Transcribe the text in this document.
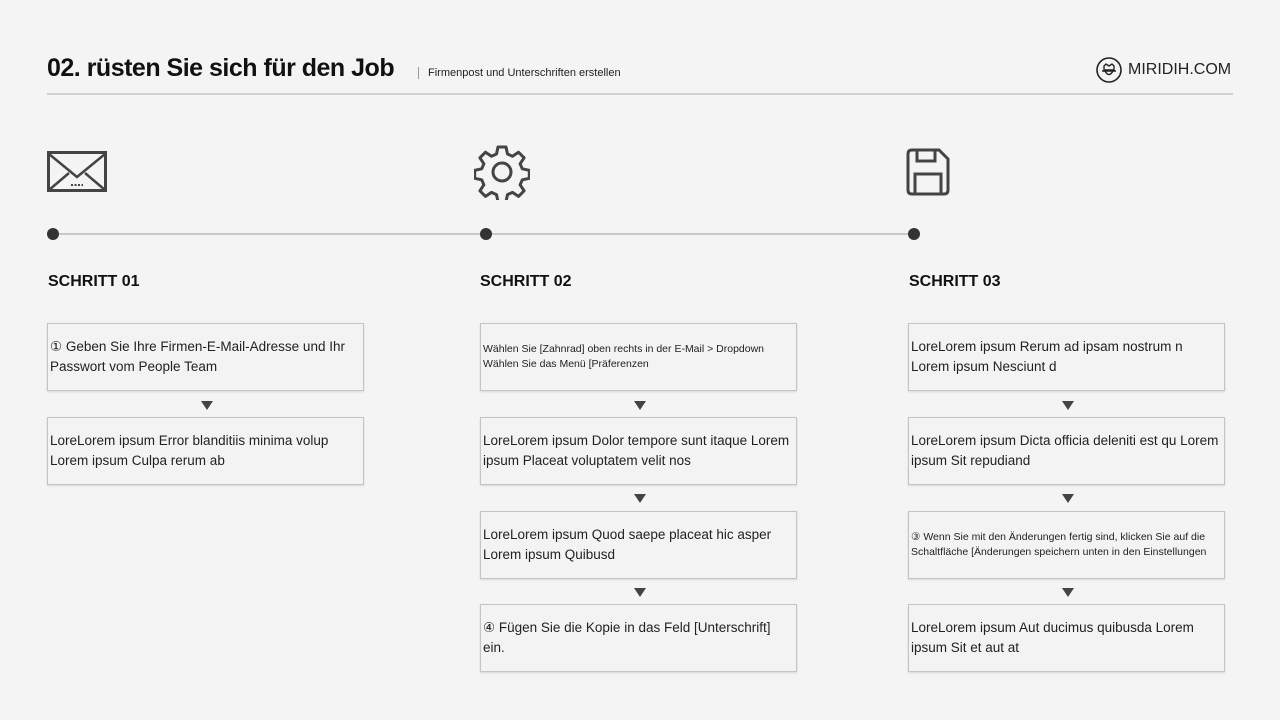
02. rüsten Sie sich für den Job	Firmenpost und Unterschriften erstellen	MIRIDIH.COM
SCHRITT 01	SCHRITT 02	SCHRITT 03
① Geben Sie Ihre Firmen-E-Mail-Adresse und Ihr Passwort vom People Team
LoreLorem ipsum Error blanditiis minima volup Lorem ipsum Culpa rerum ab
Wählen Sie [Zahnrad] oben rechts in der E-Mail > Dropdown Wählen Sie das Menü [Präferenzen
LoreLorem ipsum Dolor tempore sunt itaque Lorem ipsum Placeat voluptatem velit nos
LoreLorem ipsum Quod saepe placeat hic asper Lorem ipsum Quibusd
④ Fügen Sie die Kopie in das Feld [Unterschrift] ein.
LoreLorem ipsum Rerum ad ipsam nostrum n Lorem ipsum Nesciunt d
LoreLorem ipsum Dicta officia deleniti est qu Lorem ipsum Sit repudiand
③ Wenn Sie mit den Änderungen fertig sind, klicken Sie auf die Schaltfläche [Änderungen speichern unten in den Einstellungen
LoreLorem ipsum Aut ducimus quibusda Lorem ipsum Sit et aut at
